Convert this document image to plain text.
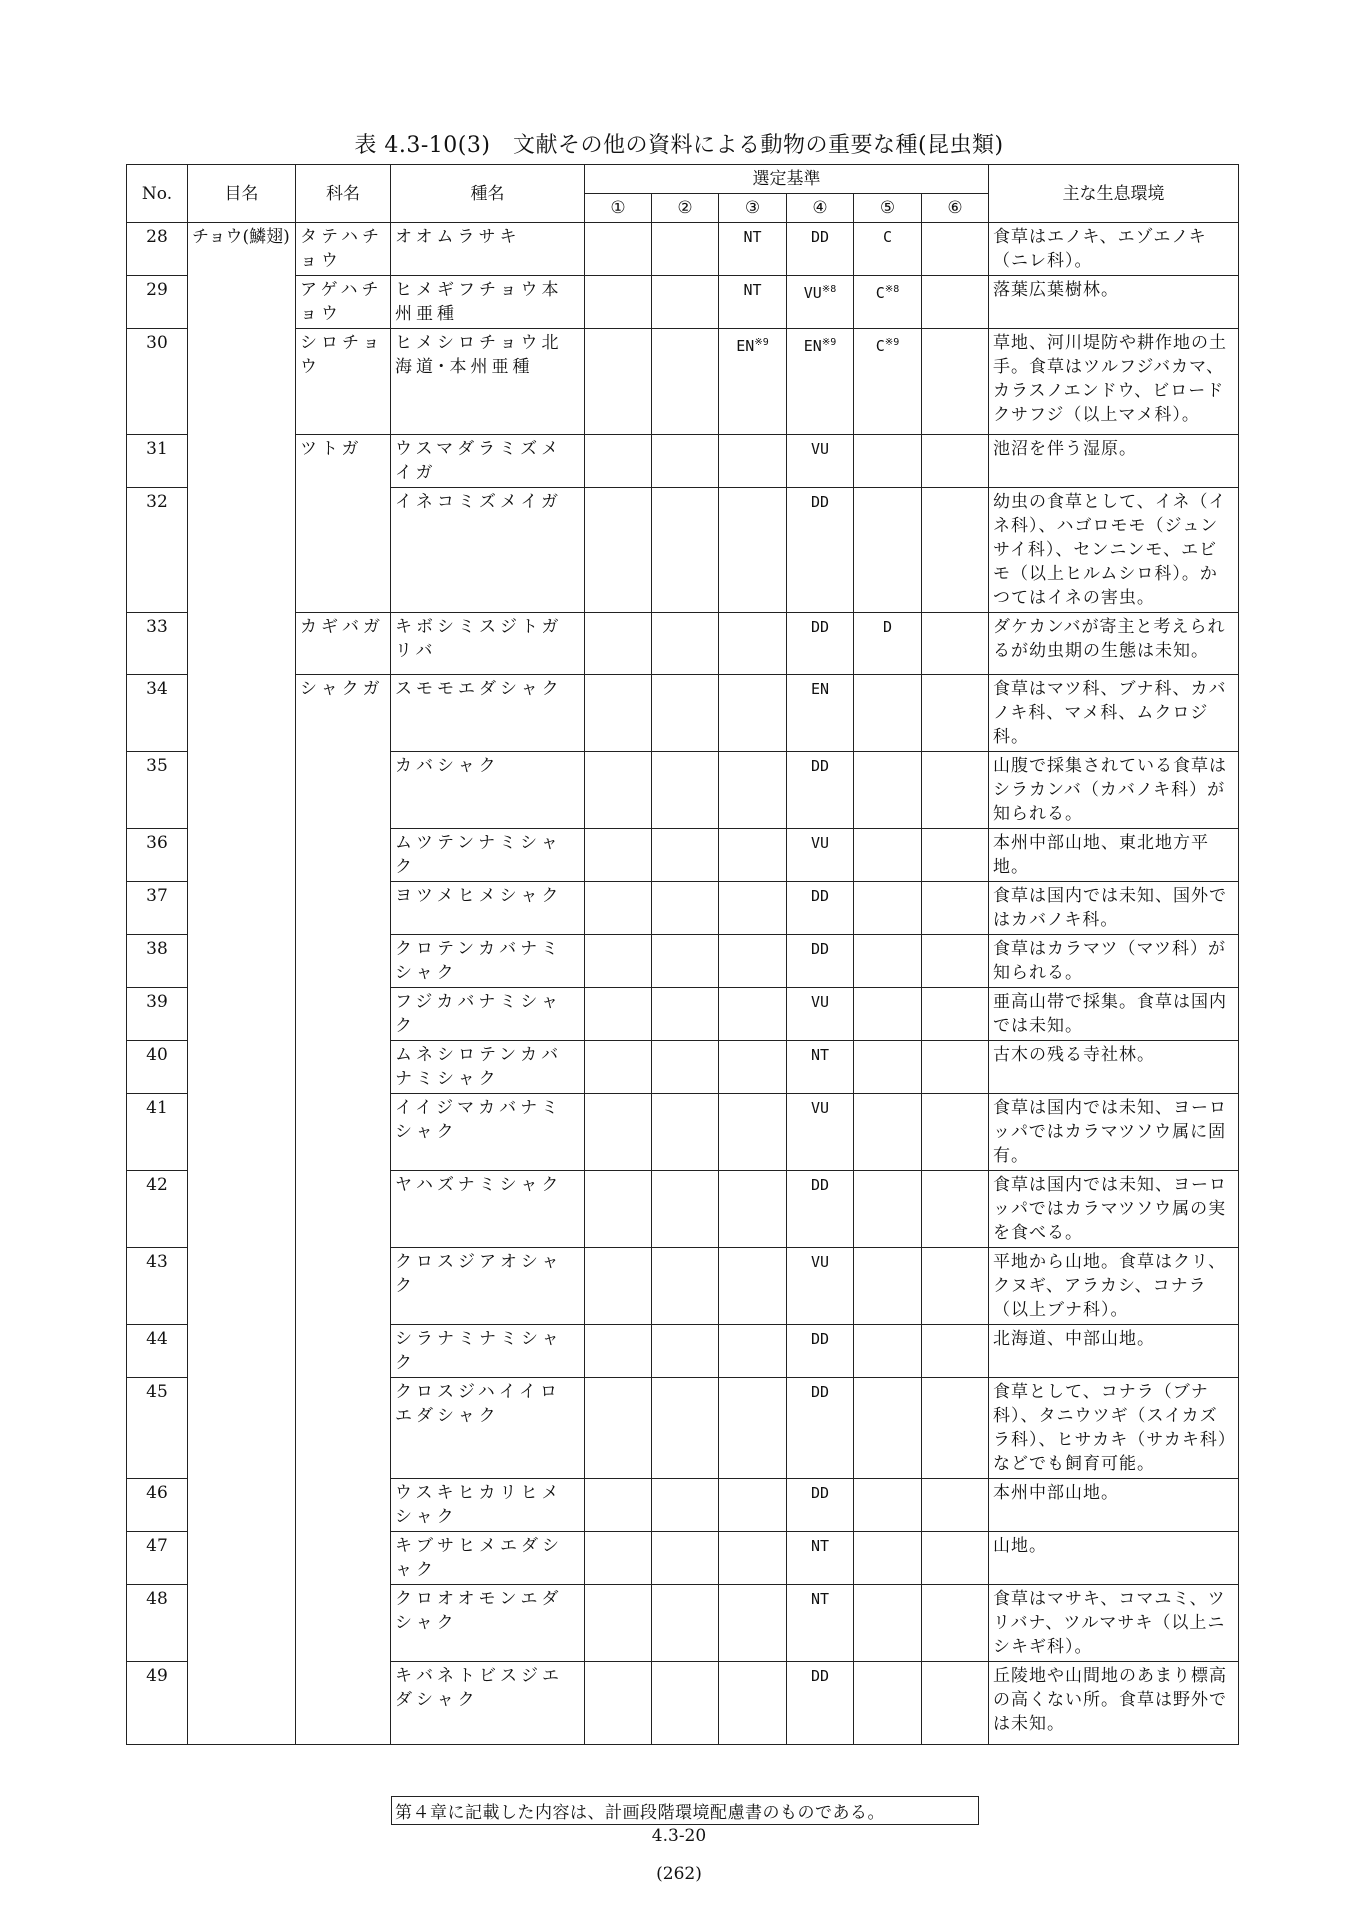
表 4.3-10(3)　文献その他の資料による動物の重要な種(昆虫類)
No.	目名	科名	種名	選定基準						主な生息環境
				①	②	③	④	⑤	⑥	
28	チョウ(鱗翅)	タテハチョウ	オオムラサキ			NT	DD	C		食草はエノキ、エゾエノキ（ニレ科）。
29		アゲハチョウ	ヒメギフチョウ本州亜種			NT	VU$^{※8}$	$C^{※8}$		落葉広葉樹林。
30		シロチョウ	ヒメシロチョウ北海道･本州亜種			EN$^{※9}$	EN$^{※9}$	$C^{※9}$		草地、河川堤防や耕作地の土手。食草はツルフジバカマ、カラスノエンドウ、ビロードクサフジ（以上マメ科）。
31		ツトガ	ウスマダラミズメイガ				VU			池沼を伴う湿原。
32			イネコミズメイガ				DD			幼虫の食草として、イネ（イネ科）、ハゴロモモ（ジュンサイ科）、センニンモ、エビモ（以上ヒルムシロ科）。かつてはイネの害虫。
33		カギバガ	キボシミスジトガリバ				DD	D		ダケカンバが寄主と考えられるが幼虫期の生態は未知。
34		シャクガ	スモモエダシャク				EN			食草はマツ科、ブナ科、カバノキ科、マメ科、ムクロジ科。
35			カバシャク				DD			山腹で採集されている食草はシラカンバ（カバノキ科）が知られる。
36			ムツテンナミシャク				VU			本州中部山地、東北地方平地。
37			ヨツメヒメシャク				DD			食草は国内では未知、国外ではカバノキ科。
38			クロテンカバナミシャク				DD			食草はカラマツ（マツ科）が知られる。
39			フジカバナミシャク				VU			亜高山帯で採集。食草は国内では未知。
40			ムネシロテンカバナミシャク				NT			古木の残る寺社林。
41			イイジマカバナミシャク				VU			食草は国内では未知、ヨーロッパではカラマツソウ属に固有。
42			ヤハズナミシャク				DD			食草は国内では未知、ヨーロッパではカラマツソウ属の実を食べる。
43			クロスジアオシャク				VU			平地から山地。食草はクリ、クヌギ、アラカシ、コナラ（以上ブナ科）。
44			シラナミナミシャク				DD			北海道、中部山地。
45			クロスジハイイロエダシャク				DD			食草として、コナラ（ブナ科）、タニウツギ（スイカズラ科）、ヒサカキ（サカキ科）などでも飼育可能。
46			ウスキヒカリヒメシャク				DD			本州中部山地。
47			キブサヒメエダシャク				NT			山地。
48			クロオオモンエダシャク				NT			食草はマサキ、コマユミ、ツリバナ、ツルマサキ（以上ニシキギ科）。
49			キバネトビスジエダシャク				DD			丘陵地や山間地のあまり標高の高くない所。食草は野外では未知。
第４章に記載した内容は、計画段階環境配慮書のものである。
4.3-20
(262)
